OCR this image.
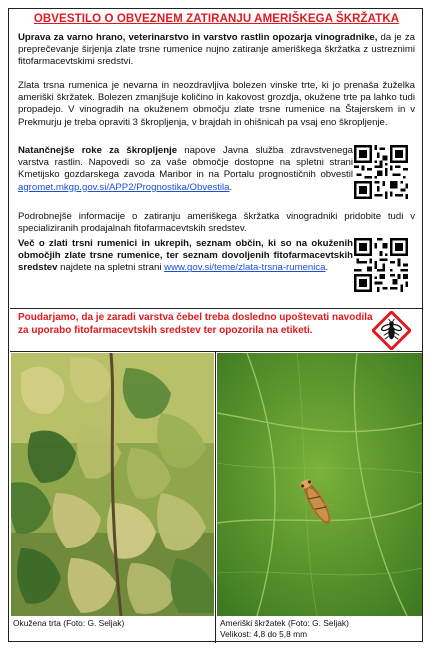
OBVESTILO O OBVEZNEM ZATIRANJU AMERIŠKEGA ŠKRŽATKA
Uprava za varno hrano, veterinarstvo in varstvo rastlin opozarja vinogradnike, da je za preprečevanje širjenja zlate trsne rumenice nujno zatiranje ameriškega škržatka z ustreznimi fitofarmacevtskimi sredstvi.
Zlata trsna rumenica je nevarna in neozdravljiva bolezen vinske trte, ki jo prenaša žuželka ameriški škržatek. Bolezen zmanjšuje količino in kakovost grozdja, okužene trte pa lahko tudi propadejo. V vinogradih na okuženem območju zlate trsne rumenice na Štajerskem in v Prekmurju je treba opraviti 3 škropljenja, v brajdah in ohišnicah pa vsaj eno škropljenje.
Natančnejše roke za škropljenje napove Javna služba zdravstvenega varstva rastlin. Napovedi so za vaše območje dostopne na spletni strani Kmetijsko gozdarskega zavoda Maribor in na Portalu prognostičnih obvestil agromet.mkgp.gov.si/APP2/Prognostika/Obvestila.
Podrobnejše informacije o zatiranju ameriškega škržatka vinogradniki pridobite tudi v specializiranih prodajalnah fitofarmacevtskih sredstev.
Več o zlati trsni rumenici in ukrepih, seznam občin, ki so na okuženih območjih zlate trsne rumenice, ter seznam dovoljenih fitofarmacevtskih sredstev najdete na spletni strani www.gov.si/teme/zlata-trsna-rumenica.
Poudarjamo, da je zaradi varstva čebel treba dosledno upoštevati navodila za uporabo fitofarmacevtskih sredstev ter opozorila na etiketi.
Okužena trta (Foto: G. Seljak)	Ameriški škržatek (Foto: G. Seljak)
Velikost: 4,8 do 5,8 mm
